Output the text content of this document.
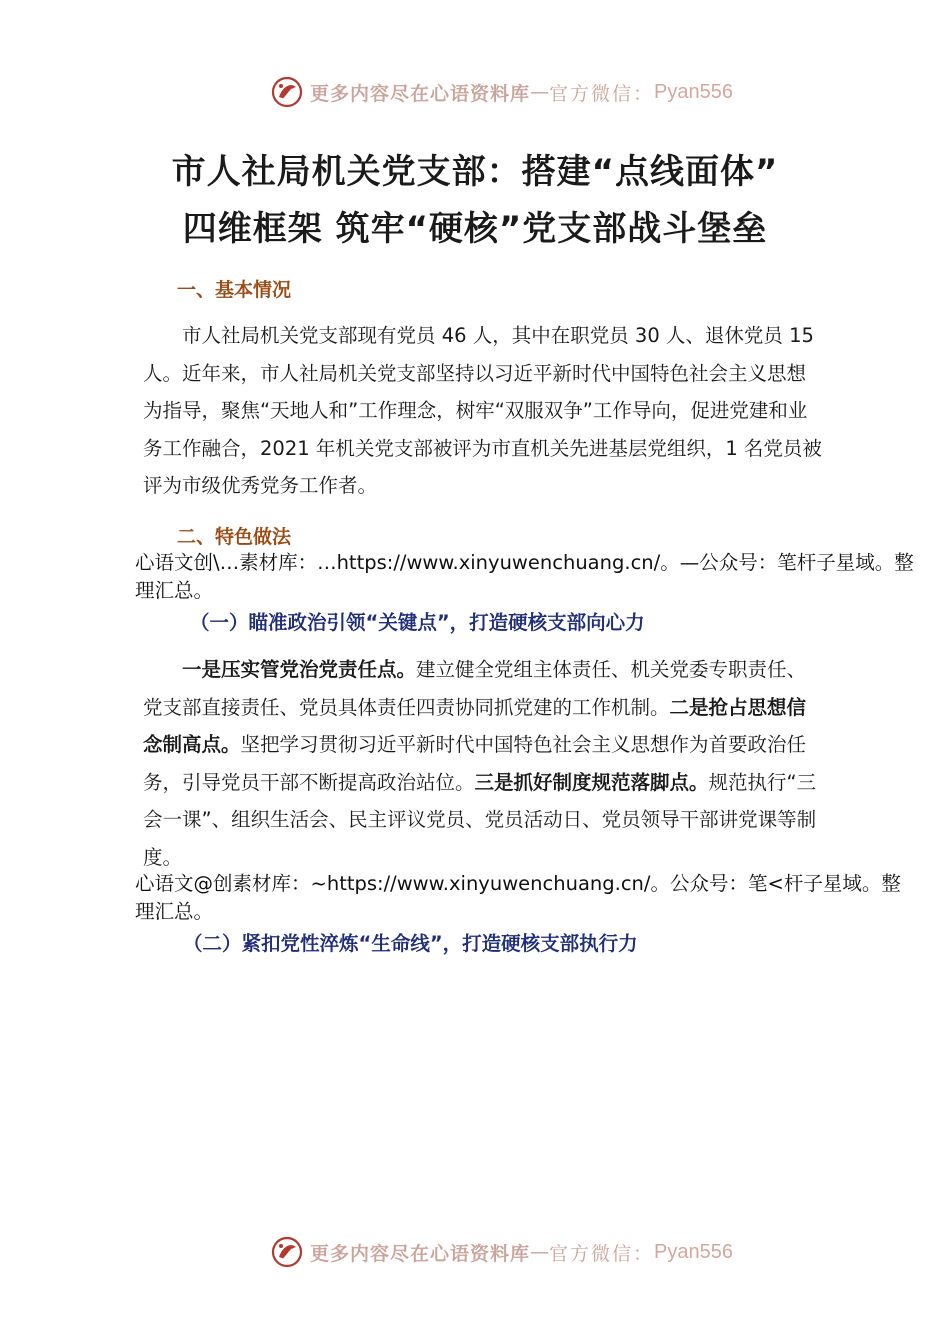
更多内容尽在心语资料库 — 官方微信： Pyan556
市人社局机关党支部：搭建“点线面体”
四维框架 筑牢“硬核”党支部战斗堡垒
一、基本情况

市人社局机关党支部现有党员 46 人，其中在职党员 30 人、退休党员 15 人。近年来，市人社局机关党支部坚持以习近平新时代中国特色社会主义思想为指导，聚焦“天地人和”工作理念，树牢“双服双争”工作导向，促进党建和业务工作融合，2021 年机关党支部被评为市直机关先进基层党组织，1 名党员被评为市级优秀党务工作者。

二、特色做法

心语文创\…素材库：…https://www.xinyuwenchuang.cn/。—公众号：笔杆子星域。整理汇总。

（一）瞄准政治引领“关键点”，打造硬核支部向心力

一是压实管党治党责任点。建立健全党组主体责任、机关党委专职责任、党支部直接责任、党员具体责任四责协同抓党建的工作机制。二是抢占思想信念制高点。坚把学习贯彻习近平新时代中国特色社会主义思想作为首要政治任务，引导党员干部不断提高政治站位。三是抓好制度规范落脚点。规范执行“三会一课”、组织生活会、民主评议党员、党员活动日、党员领导干部讲党课等制度。

心语文@创素材库：~https://www.xinyuwenchuang.cn/。公众号：笔<杆子星域。整理汇总。

（二）紧扣党性淬炼“生命线”，打造硬核支部执行力
更多内容尽在心语资料库 — 官方微信： Pyan556
